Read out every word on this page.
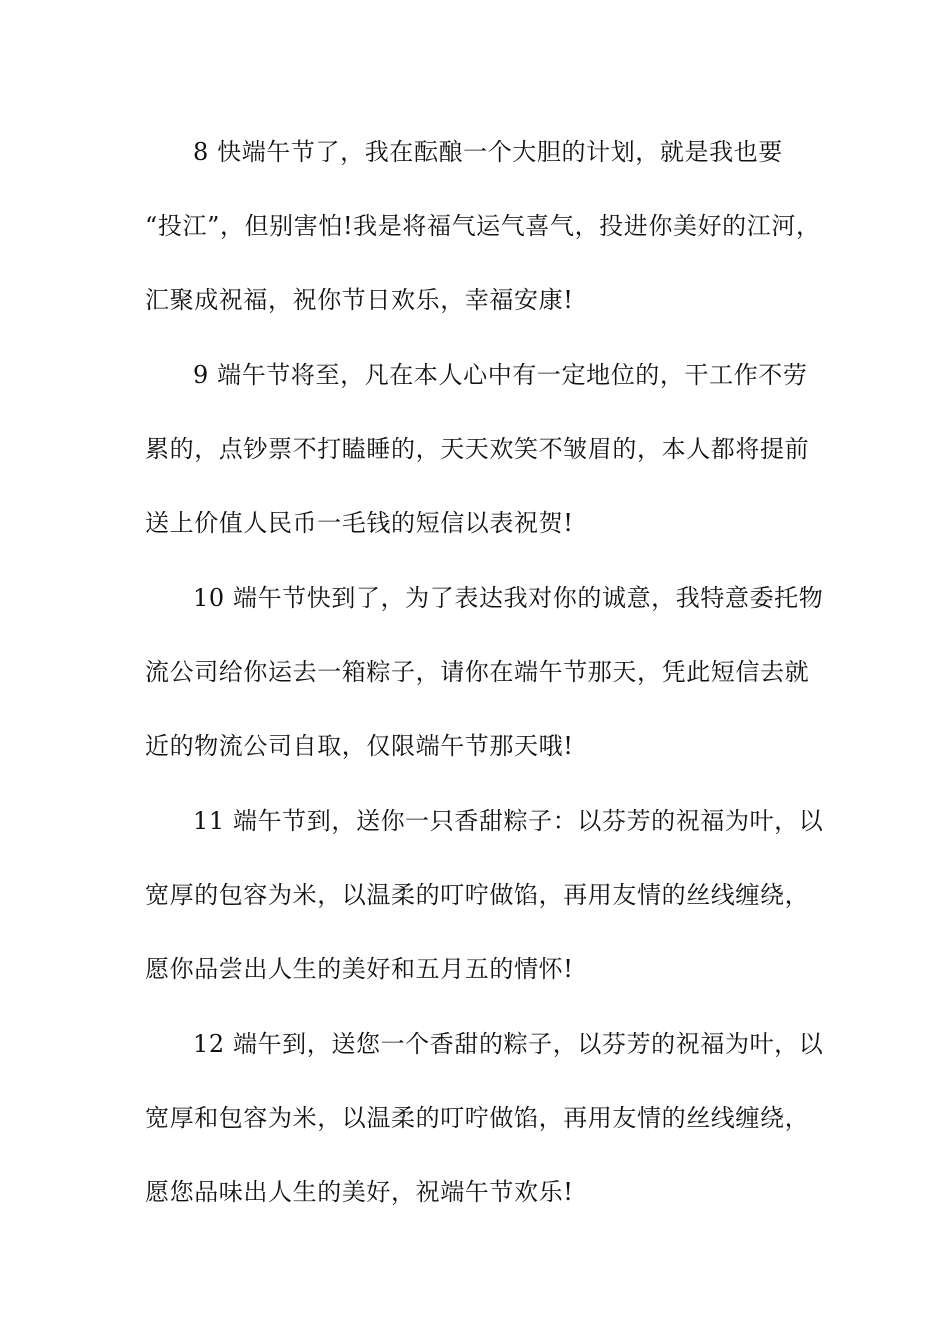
8 快端午节了，我在酝酿一个大胆的计划，就是我也要
“投江”，但别害怕!我是将福气运气喜气，投进你美好的江河，
汇聚成祝福，祝你节日欢乐，幸福安康!
9 端午节将至，凡在本人心中有一定地位的，干工作不劳
累的，点钞票不打瞌睡的，天天欢笑不皱眉的，本人都将提前
送上价值人民币一毛钱的短信以表祝贺!
10 端午节快到了，为了表达我对你的诚意，我特意委托物
流公司给你运去一箱粽子，请你在端午节那天，凭此短信去就
近的物流公司自取，仅限端午节那天哦!
11 端午节到，送你一只香甜粽子：以芬芳的祝福为叶，以
宽厚的包容为米，以温柔的叮咛做馅，再用友情的丝线缠绕，
愿你品尝出人生的美好和五月五的情怀!
12 端午到，送您一个香甜的粽子，以芬芳的祝福为叶，以
宽厚和包容为米，以温柔的叮咛做馅，再用友情的丝线缠绕，
愿您品味出人生的美好，祝端午节欢乐!
